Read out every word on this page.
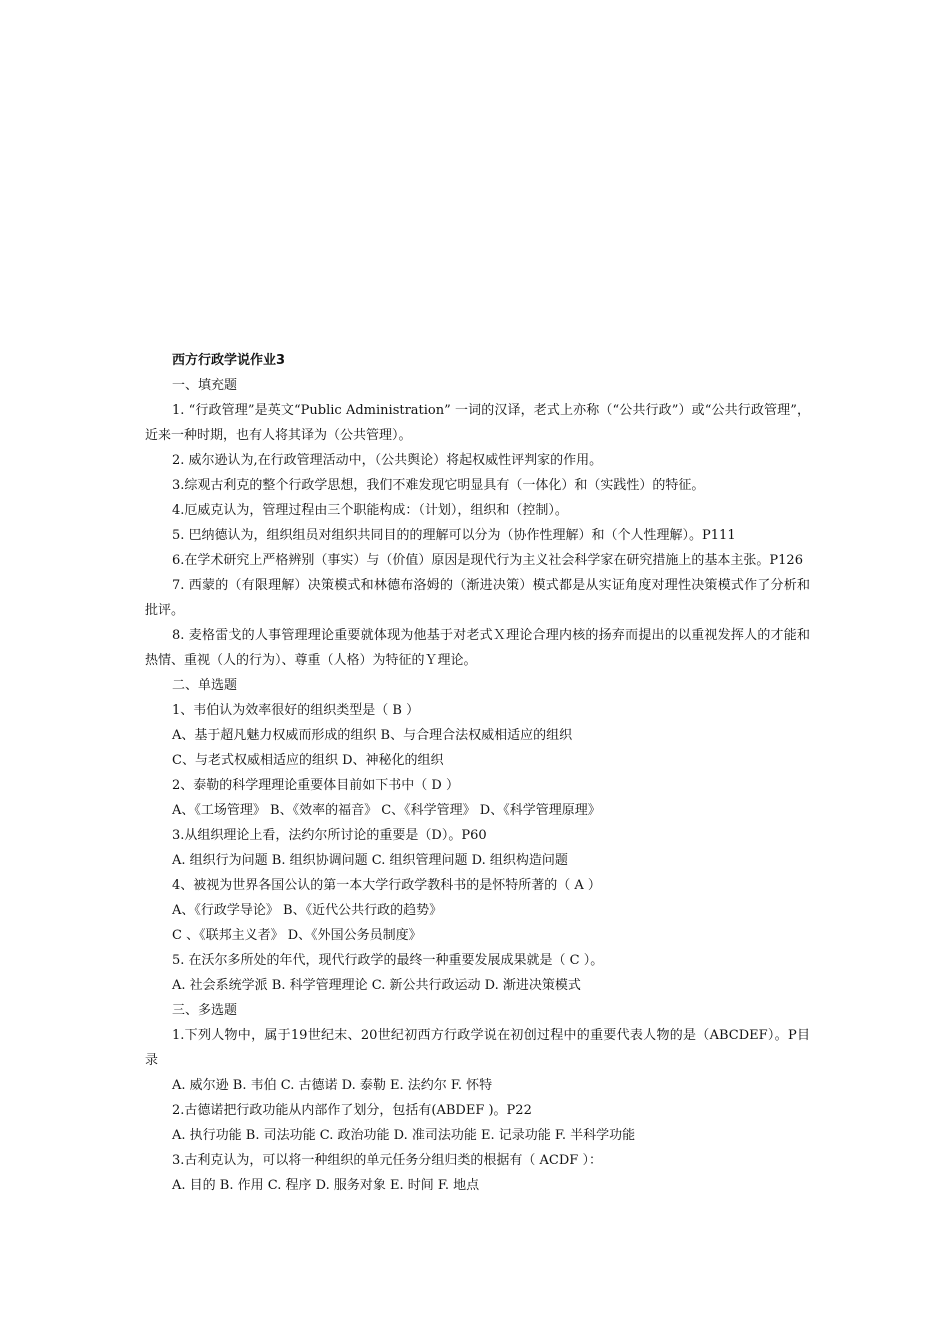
西方行政学说作业3
一、填充题
1. “行政管理”是英文“Public Administration” 一词的汉译，老式上亦称（“公共行政”）或“公共行政管理”，近来一种时期，也有人将其译为（公共管理）。
2. 威尔逊认为,在行政管理活动中，（公共舆论）将起权威性评判家的作用。
3.综观古利克的整个行政学思想，我们不难发现它明显具有（一体化）和（实践性）的特征。
4.厄威克认为，管理过程由三个职能构成：（计划），组织和（控制）。
5. 巴纳德认为，组织组员对组织共同目的的理解可以分为（协作性理解）和（个人性理解）。P111
6.在学术研究上严格辨别（事实）与（价值）原因是现代行为主义社会科学家在研究措施上的基本主张。P126
7. 西蒙的（有限理解）决策模式和林德布洛姆的（渐进决策）模式都是从实证角度对理性决策模式作了分析和批评。
8. 麦格雷戈的人事管理理论重要就体现为他基于对老式Ｘ理论合理内核的扬弃而提出的以重视发挥人的才能和热情、重视（人的行为）、尊重（人格）为特征的Ｙ理论。
二、单选题
1、韦伯认为效率很好的组织类型是（ B ）
A、基于超凡魅力权威而形成的组织 B、与合理合法权威相适应的组织
C、与老式权威相适应的组织 D、神秘化的组织
2、泰勒的科学理理论重要体目前如下书中（ D ）
A、《工场管理》 B、《效率的福音》 C、《科学管理》 D、《科学管理原理》
3.从组织理论上看，法约尔所讨论的重要是（D）。P60
A. 组织行为问题 B. 组织协调问题 C. 组织管理问题 D. 组织构造问题
4、被视为世界各国公认的第一本大学行政学教科书的是怀特所著的（ A ）
A、《行政学导论》 B、《近代公共行政的趋势》
C 、《联邦主义者》 D、《外国公务员制度》
5. 在沃尔多所处的年代，现代行政学的最终一种重要发展成果就是（ C ）。
A. 社会系统学派 B. 科学管理理论 C. 新公共行政运动 D. 渐进决策模式
三、多选题
1.下列人物中，属于19世纪末、20世纪初西方行政学说在初创过程中的重要代表人物的是（ABCDEF）。P目录
A. 威尔逊 B. 韦伯 C. 古德诺 D. 泰勒 E. 法约尔 F. 怀特
2.古德诺把行政功能从内部作了划分，包括有(ABDEF )。P22
A. 执行功能 B. 司法功能 C. 政治功能 D. 准司法功能 E. 记录功能 F. 半科学功能
3.古利克认为，可以将一种组织的单元任务分组归类的根据有（ ACDF ）：
A. 目的 B. 作用 C. 程序 D. 服务对象 E. 时间 F. 地点
